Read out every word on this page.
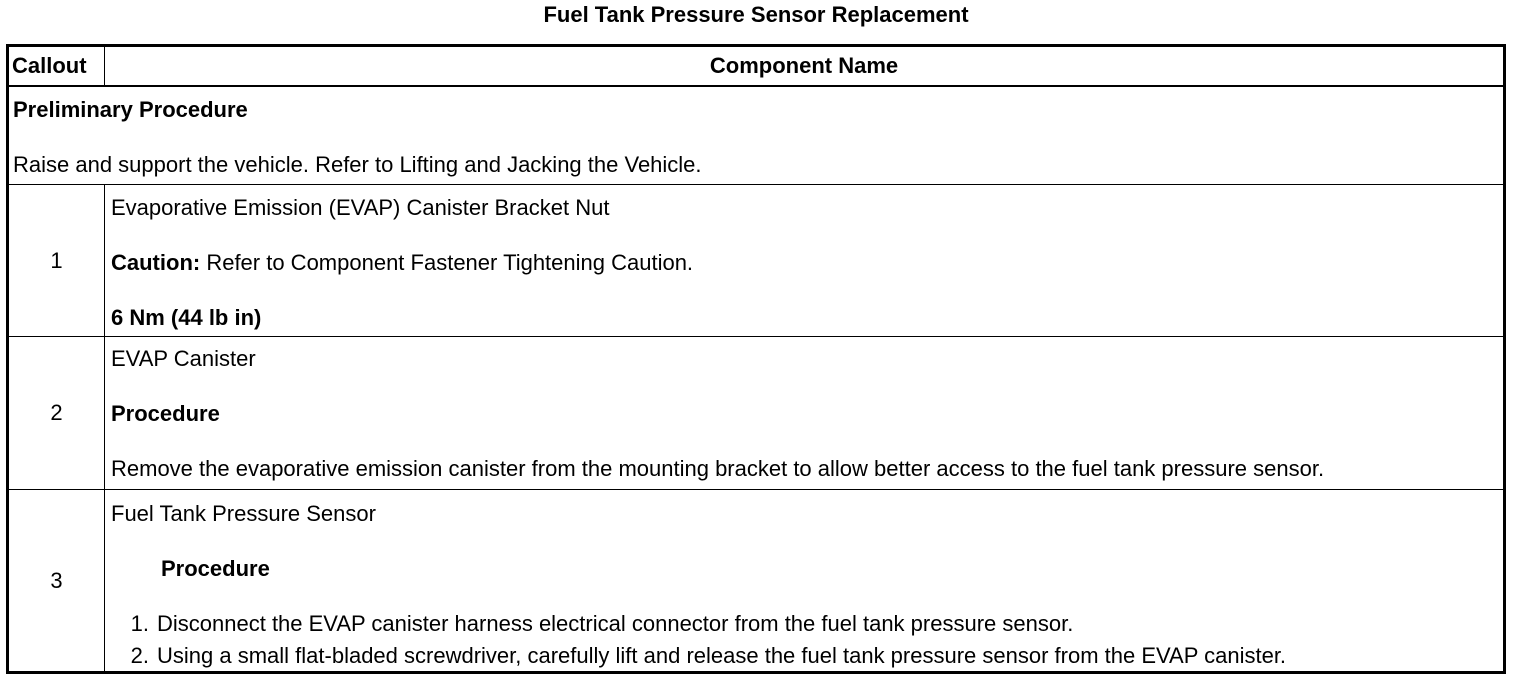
Fuel Tank Pressure Sensor Replacement
Callout	Component Name
Preliminary Procedure
Raise and support the vehicle. Refer to Lifting and Jacking the Vehicle.
1
Evaporative Emission (EVAP) Canister Bracket Nut
Caution: Refer to Component Fastener Tightening Caution.
6 Nm (44 lb in)
2
EVAP Canister
Procedure
Remove the evaporative emission canister from the mounting bracket to allow better access to the fuel tank pressure sensor.
3
Fuel Tank Pressure Sensor
Procedure
1. Disconnect the EVAP canister harness electrical connector from the fuel tank pressure sensor.
2. Using a small flat-bladed screwdriver, carefully lift and release the fuel tank pressure sensor from the EVAP canister.
